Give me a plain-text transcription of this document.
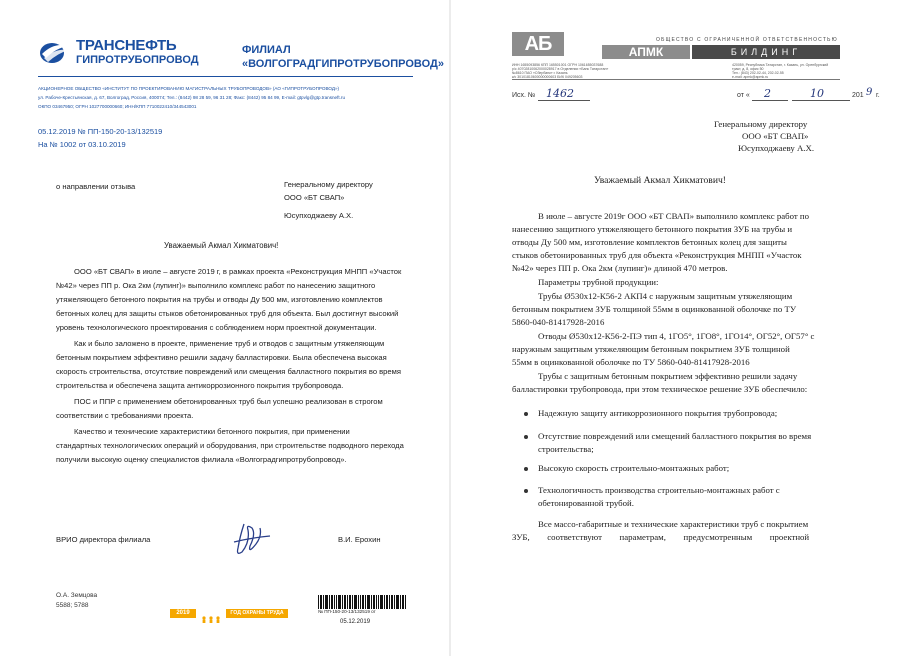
ТРАНСНЕФТЬ
ГИПРОТРУБОПРОВОД
ФИЛИАЛ
«ВОЛГОГРАДГИПРОТРУБОПРОВОД»
АКЦИОНЕРНОЕ ОБЩЕСТВО «ИНСТИТУТ ПО ПРОЕКТИРОВАНИЮ МАГИСТРАЛЬНЫХ ТРУБОПРОВОДОВ» (АО «ГИПРОТРУБОПРОВОД»)
ул. Рабоче-Крестьянская, д. 67, Волгоград, Россия, 400074; Тел.: (8442) 98 28 59, 96 31 28; Факс: (8442) 95 84 99, E-mail: gtpvlg@gtp.transneft.ru
ОКПО 03467950; ОГРН 1027700000660; ИНН/КПП 7710022410/344543001
05.12.2019 № ПП-150-20-13/132519
На № 1002 от 03.10.2019
о направлении отзыва	Генеральному директору
ООО «БТ СВАП»
Юсупходжаеву А.Х.
Уважаемый Акмал Хикматович!
ООО «БТ СВАП» в июле – августе 2019 г, в рамках проекта «Реконструкция МНПП «Участок
№42» через ПП р. Ока 2км (лупинг)» выполнило комплекс работ по нанесению защитного
утяжеляющего бетонного покрытия на трубы и отводы Ду 500 мм, изготовлению комплектов
бетонных колец для защиты стыков обетонированных труб для объекта. Был достигнут высокий
уровень технологического проектирования с соблюдением норм проектной документации.
Как и было заложено в проекте, применение труб и отводов с защитным утяжеляющим
бетонным покрытием эффективно решили задачу балластировки. Была обеспечена высокая
скорость строительства, отсутствие повреждений или смещения балластного покрытия во время
строительства и обеспечена защита антикоррозионного покрытия трубопровода.
ПОС и ППР с применением обетонированных труб был успешно реализован в строгом
соответствии с требованиями проекта.
Качество и технические характеристики бетонного покрытия, при применении
стандартных технологических операций и оборудования, при строительстве подводного перехода
получили высокую оценку специалистов филиала «Волгоградгипротрубопровод».
ВРИО директора филиала	В.И. Ерохин
О.А. Земцова
5588; 5788
2019	ГОД ОХРАНЫ ТРУДА	№ ПП-150-20-13/132519 от
05.12.2019
АБ	ОБЩЕСТВО С ОГРАНИЧЕННОЙ ОТВЕТСТВЕННОСТЬЮ
АПМК	БИЛДИНГ
ИНН 1655093856 КПП 165501001 ОГРН 1061655037688
р/с 40702810062000028917 в Отделении «Банк Татарстан»
№8610 ПАО «Сбербанк» г. Казань
к/с 30101810600000000603 БИК 049205603
420059, Республика Татарстан, г. Казань, ул. Оренбургский
тракт, д. 8, офис 50
Тел.: (843) 202-02-44, 202-02-55
e-mail: apmk@apmk.ru
Исх. № 1462	от « 2	10	201 9 г.
Генеральному директору
ООО «БТ СВАП»
Юсупходжаеву А.Х.
Уважаемый Акмал Хикматович!
В июле – августе 2019г ООО «БТ СВАП» выполнило комплекс работ по
нанесению защитного утяжеляющего бетонного покрытия ЗУБ на трубы и
отводы Ду 500 мм, изготовление комплектов бетонных колец для защиты
стыков обетонированных труб для объекта «Реконструкция МНПП «Участок
№42» через ПП р. Ока 2км (лупинг)» длиной 470 метров.
Параметры трубной продукции:
Трубы Ø530х12-К56-2 АКП4 с наружным защитным утяжеляющим
бетонным покрытием ЗУБ толщиной 55мм в оцинкованной оболочке по ТУ
5860-040-81417928-2016
Отводы Ø530х12-К56-2-ПЭ тип 4, 1ГО5°, 1ГО8°, 1ГО14°, ОГ52°, ОГ57° с
наружным защитным утяжеляющим бетонным покрытием ЗУБ толщиной
55мм в оцинкованной оболочке по ТУ 5860-040-81417928-2016
Трубы с защитным бетонным покрытием эффективно решили задачу
балластировки трубопровода, при этом техническое решение ЗУБ обеспечило:
Надежную защиту антикоррозионного покрытия трубопровода;
Отсутствие повреждений или смещений балластного покрытия во время
строительства;
Высокую скорость строительно-монтажных работ;
Технологичность производства строительно-монтажных работ с
обетонированной трубой.
Все массо-габаритные и технические характеристики труб с покрытием
ЗУБ,        соответствуют        параметрам,        предусмотренным        проектной
